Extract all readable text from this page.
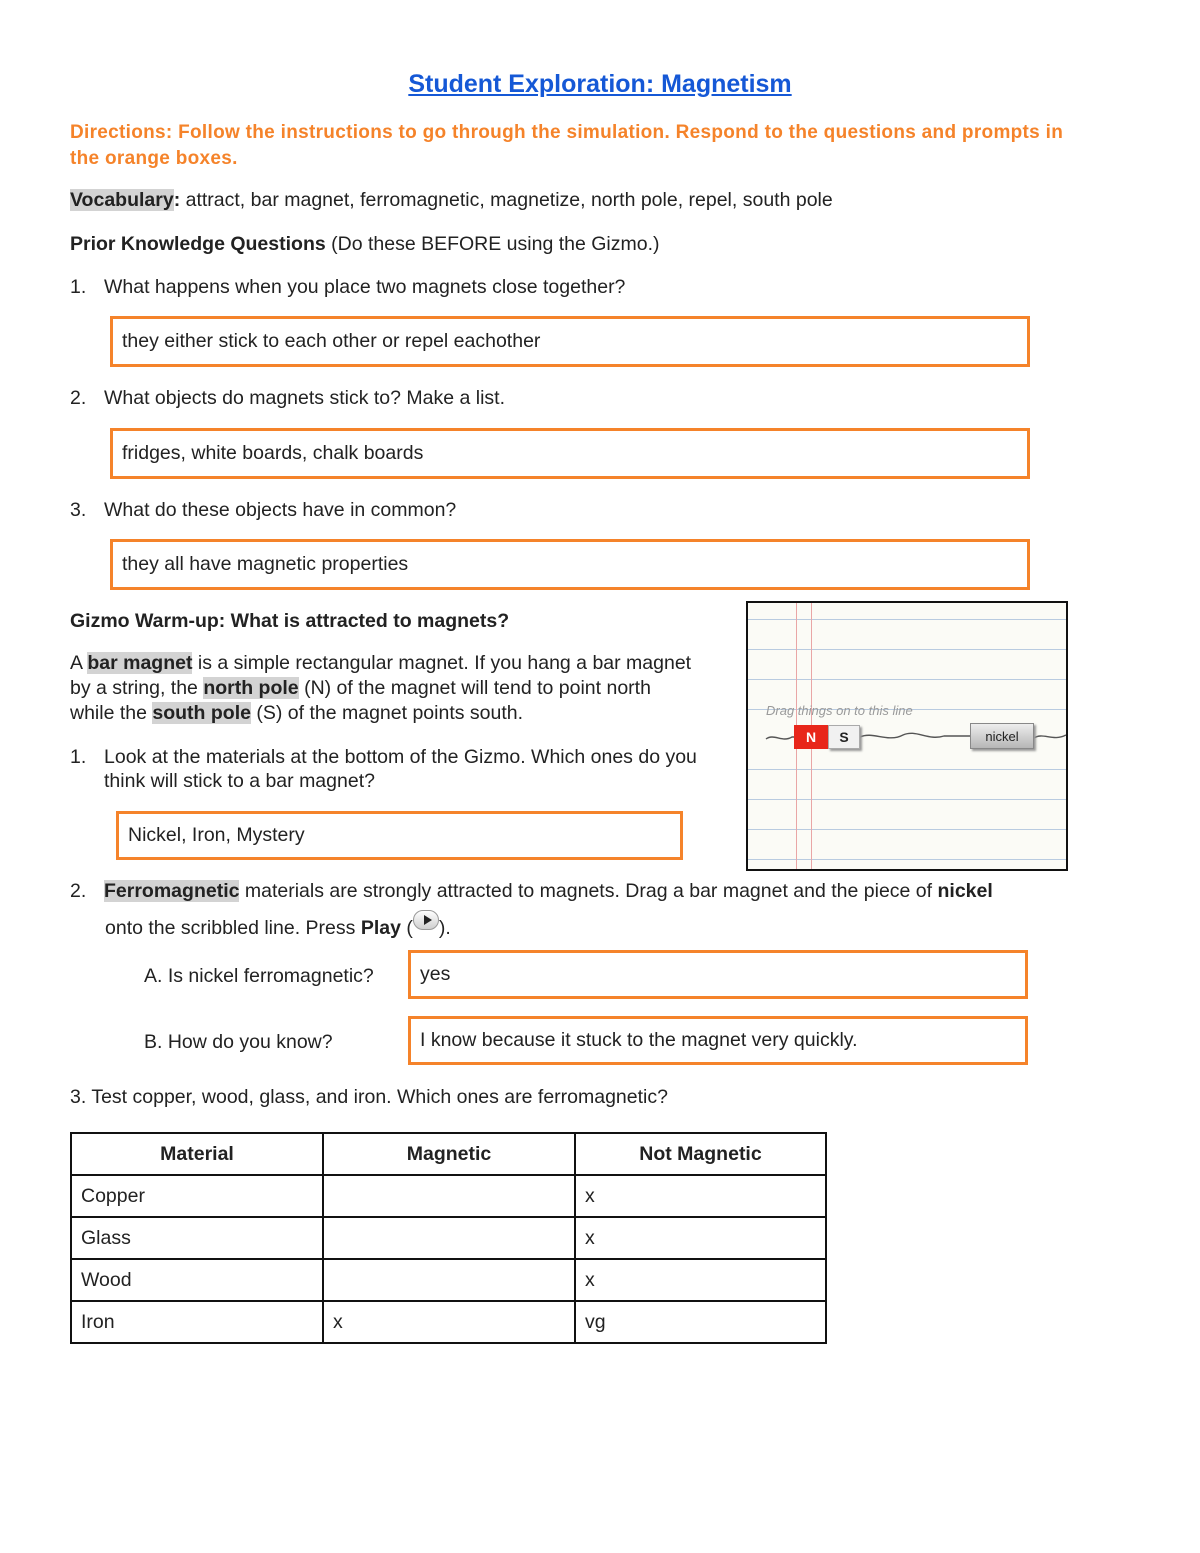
Student Exploration: Magnetism
Directions: Follow the instructions to go through the simulation. Respond to the questions and prompts in the orange boxes.
Vocabulary: attract, bar magnet, ferromagnetic, magnetize, north pole, repel, south pole
Prior Knowledge Questions (Do these BEFORE using the Gizmo.)
1. What happens when you place two magnets close together?
they either stick to each other or repel eachother
2. What objects do magnets stick to? Make a list.
fridges, white boards, chalk boards
3. What do these objects have in common?
they all have magnetic properties
Gizmo Warm-up: What is attracted to magnets?
A bar magnet is a simple rectangular magnet. If you hang a bar magnet by a string, the north pole (N) of the magnet will tend to point north while the south pole (S) of the magnet points south.
1. Look at the materials at the bottom of the Gizmo. Which ones do you think will stick to a bar magnet?
Nickel, Iron, Mystery
Drag things on to this line
N	S	nickel
2. Ferromagnetic materials are strongly attracted to magnets. Drag a bar magnet and the piece of nickel
onto the scribbled line. Press Play ( ).
A. Is nickel ferromagnetic? yes
B. How do you know?	I know because it stuck to the magnet very quickly.
3. Test copper, wood, glass, and iron. Which ones are ferromagnetic?
Material	Magnetic	Not Magnetic
Copper		x
Glass		x
Wood		x
Iron	x	vg
